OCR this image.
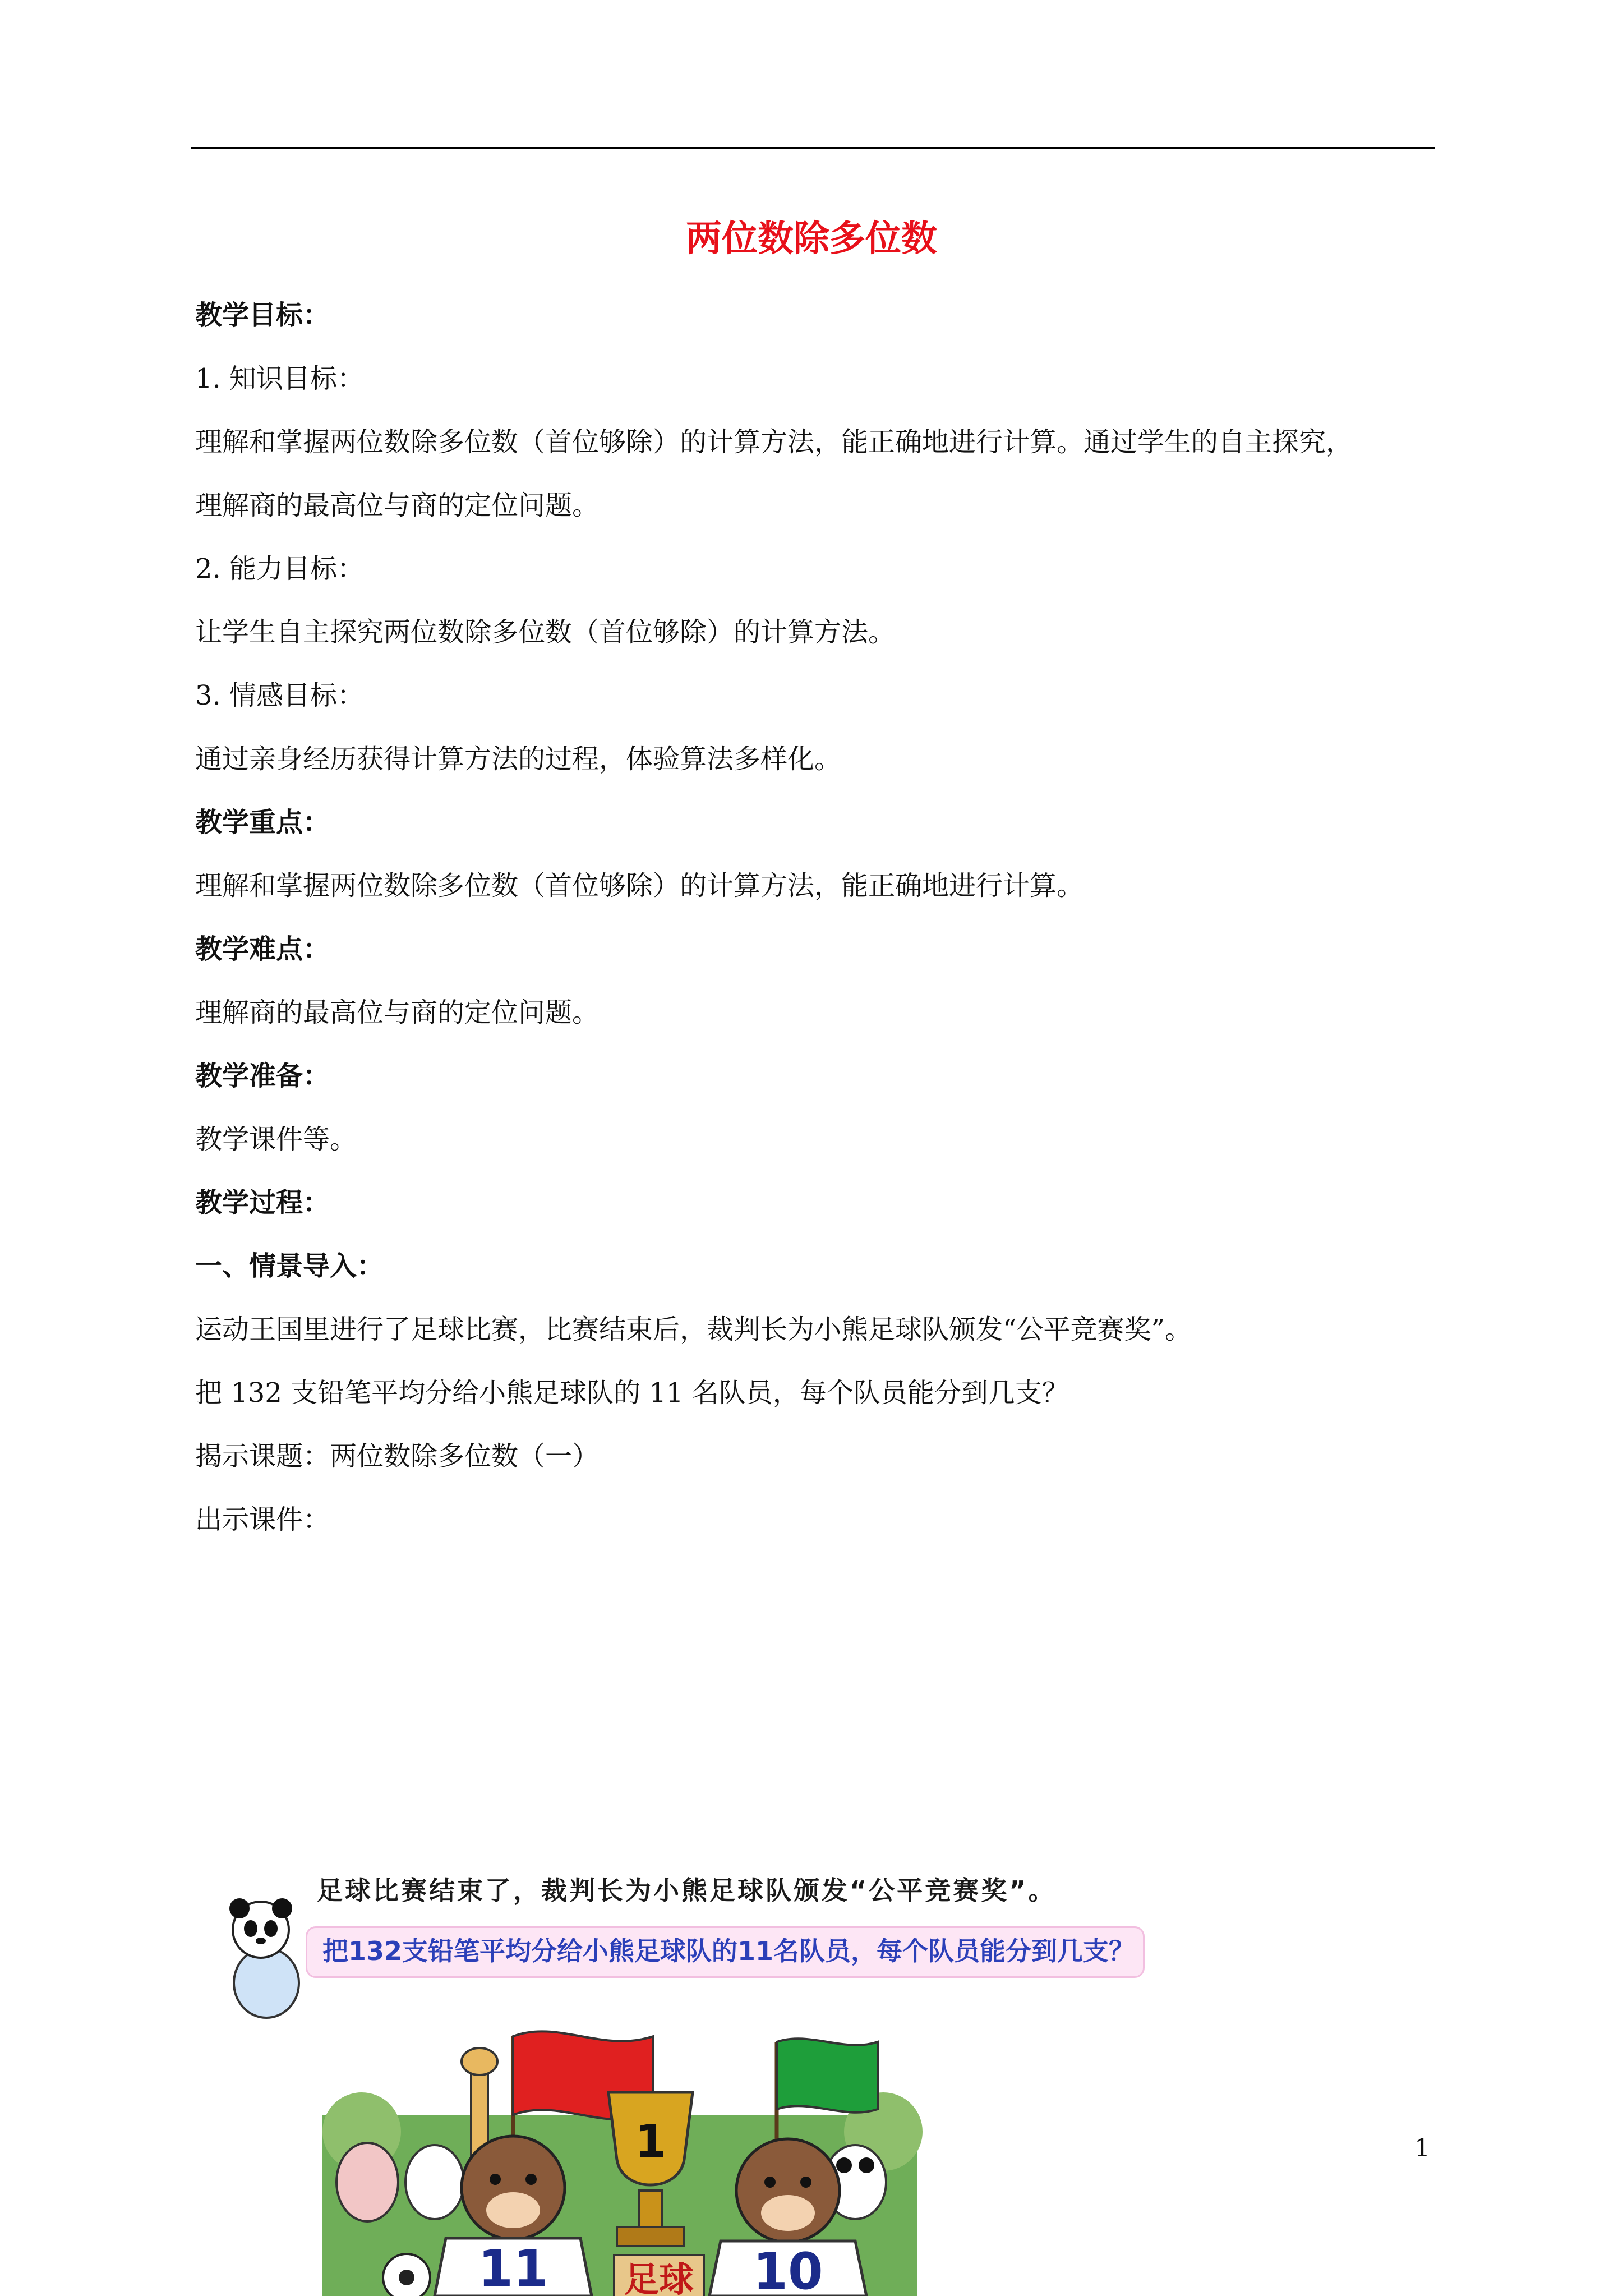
两位数除多位数

教学目标：

1. 知识目标：

理解和掌握两位数除多位数（首位够除）的计算方法，能正确地进行计算。通过学生的自主探究，

理解商的最高位与商的定位问题。

2. 能力目标：

让学生自主探究两位数除多位数（首位够除）的计算方法。

3. 情感目标：

通过亲身经历获得计算方法的过程，体验算法多样化。

教学重点：

理解和掌握两位数除多位数（首位够除）的计算方法，能正确地进行计算。

教学难点：

理解商的最高位与商的定位问题。

教学准备：

教学课件等。

教学过程：

一、情景导入：

运动王国里进行了足球比赛，比赛结束后，裁判长为小熊足球队颁发“公平竞赛奖”。

把 132 支铅笔平均分给小熊足球队的 11 名队员，每个队员能分到几支？

揭示课题：两位数除多位数（一）

出示课件：

1
11	10
足球
足球比赛结束了，裁判长为小熊足球队颁发“公平竞赛奖”。
把132支铅笔平均分给小熊足球队的11名队员，每个队员能分到几支？
1
